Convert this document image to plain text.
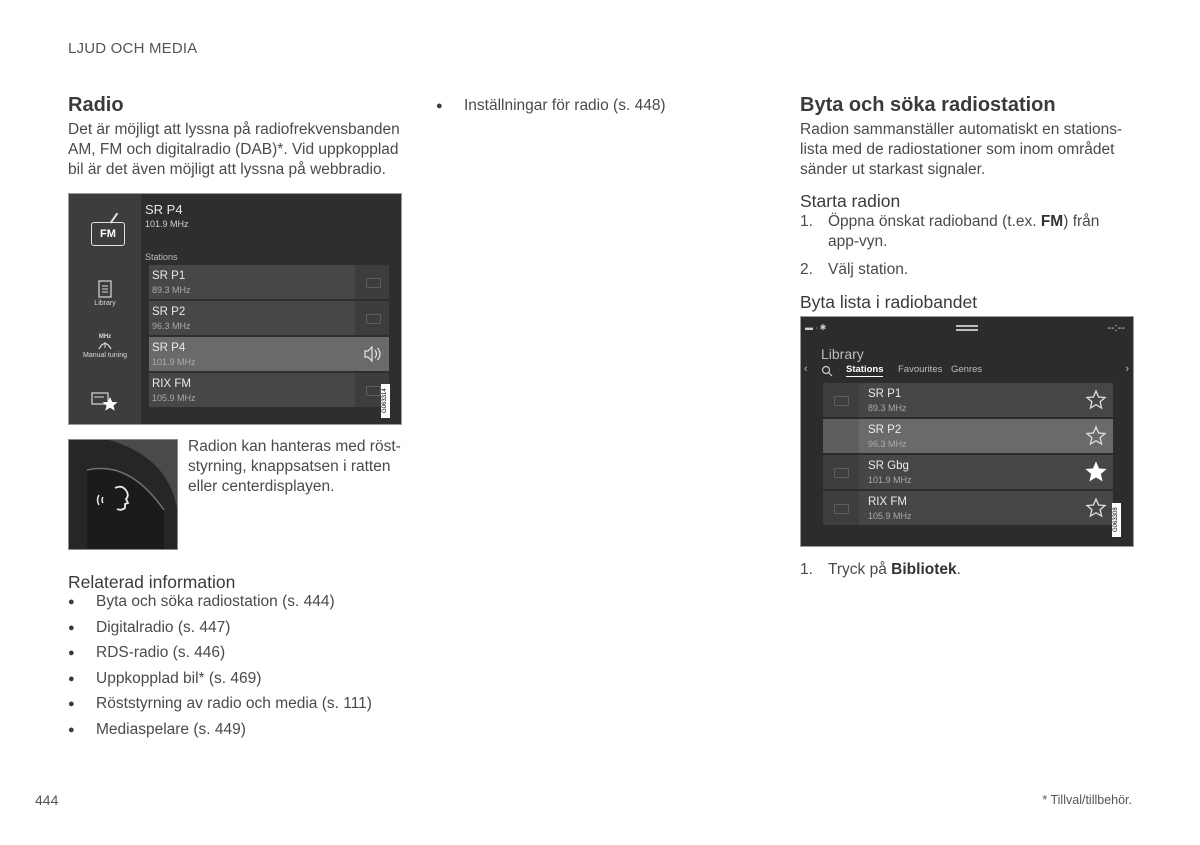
LJUD OCH MEDIA
Radio
Det är möjligt att lyssna på radiofrekvensbanden AM, FM och digitalradio (DAB)*. Vid uppkopplad bil är det även möjligt att lyssna på webbradio.
FM
Library
MHz
Manual tuning
SR P4
101.9 MHz
Stations
SR P1
89.3 MHz
SR P2
96.3 MHz
SR P4
101.9 MHz
RIX FM
105.9 MHz	G063314
Radion kan hanteras med röst-styrning, knappsatsen i ratten eller centerdisplayen.
Relaterad information
● Byta och söka radiostation (s. 444)
● Digitalradio (s. 447)
● RDS-radio (s. 446)
● Uppkopplad bil* (s. 469)
● Röststyrning av radio och media (s. 111)
● Mediaspelare (s. 449)
● Inställningar för radio (s. 448)	Byta och söka radiostation
Radion sammanställer automatiskt en stations-lista med de radiostationer som inom området sänder ut starkast signaler.
Starta radion
1. Öppna önskat radioband (t.ex. FM) från app-vyn.
2. Välj station.
Byta lista i radiobandet
▬ ∙ ✱	--:--
Library
‹	›
Stations Favourites Genres
SR P1
89.3 MHz
SR P2
96.3 MHz
SR Gbg
101.9 MHz
RIX FM
105.9 MHz	G063308
1. Tryck på Bibliotek.
444	* Tillval/tillbehör.
